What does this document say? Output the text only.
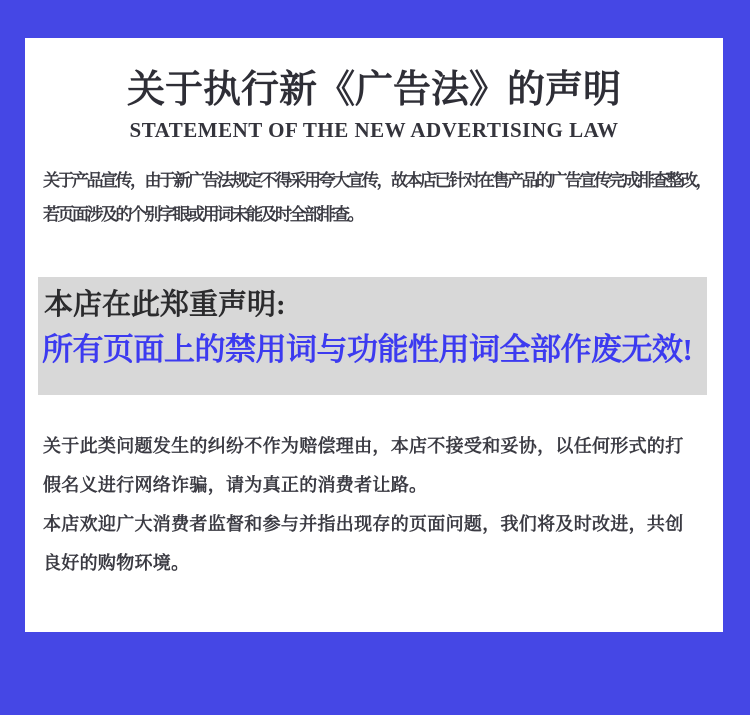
关于执行新《广告法》的声明
STATEMENT OF THE NEW ADVERTISING LAW
关于产品宣传，由于新广告法规定不得采用夸大宣传，故本店已针对在售产品的广告宣传完成排查整改，
若页面涉及的个别字眼或用词未能及时全部排查。
本店在此郑重声明:
所有页面上的禁用词与功能性用词全部作废无效!
关于此类问题发生的纠纷不作为赔偿理由，本店不接受和妥协，以任何形式的打
假名义进行网络诈骗，请为真正的消费者让路。
本店欢迎广大消费者监督和参与并指出现存的页面问题，我们将及时改进，共创
良好的购物环境。
